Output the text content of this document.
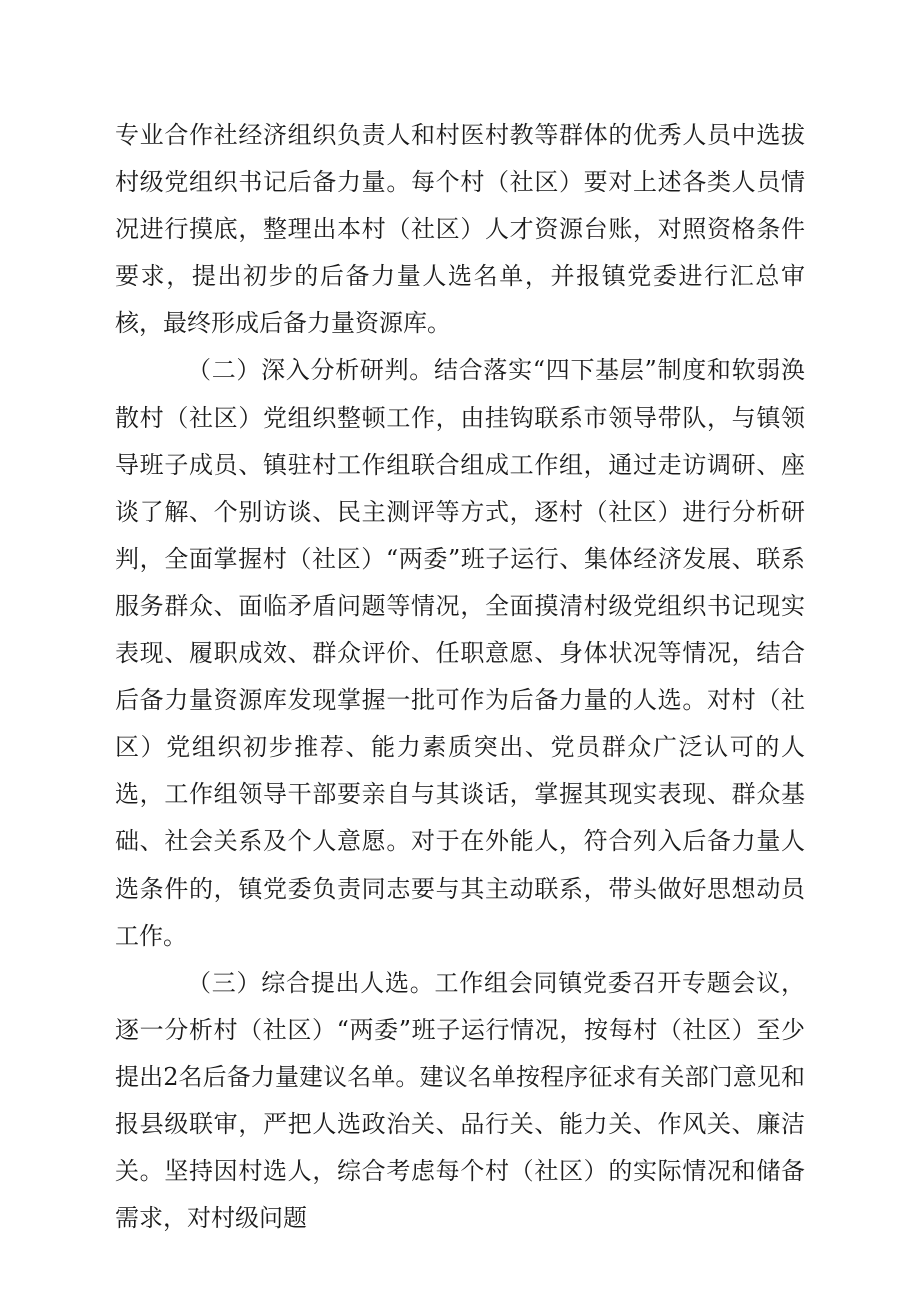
专业合作社经济组织负责人和村医村教等群体的优秀人员中选拔村级党组织书记后备力量。每个村（社区）要对上述各类人员情况进行摸底，整理出本村（社区）人才资源台账，对照资格条件要求，提出初步的后备力量人选名单，并报镇党委进行汇总审核，最终形成后备力量资源库。

（二）深入分析研判。结合落实“四下基层”制度和软弱涣散村（社区）党组织整顿工作，由挂钩联系市领导带队，与镇领导班子成员、镇驻村工作组联合组成工作组，通过走访调研、座谈了解、个别访谈、民主测评等方式，逐村（社区）进行分析研判，全面掌握村（社区）“两委”班子运行、集体经济发展、联系服务群众、面临矛盾问题等情况，全面摸清村级党组织书记现实表现、履职成效、群众评价、任职意愿、身体状况等情况，结合后备力量资源库发现掌握一批可作为后备力量的人选。对村（社区）党组织初步推荐、能力素质突出、党员群众广泛认可的人选，工作组领导干部要亲自与其谈话，掌握其现实表现、群众基础、社会关系及个人意愿。对于在外能人，符合列入后备力量人选条件的，镇党委负责同志要与其主动联系，带头做好思想动员工作。

（三）综合提出人选。工作组会同镇党委召开专题会议，逐一分析村（社区）“两委”班子运行情况，按每村（社区）至少提出2名后备力量建议名单。建议名单按程序征求有关部门意见和报县级联审，严把人选政治关、品行关、能力关、作风关、廉洁关。坚持因村选人，综合考虑每个村（社区）的实际情况和储备需求，对村级问题
